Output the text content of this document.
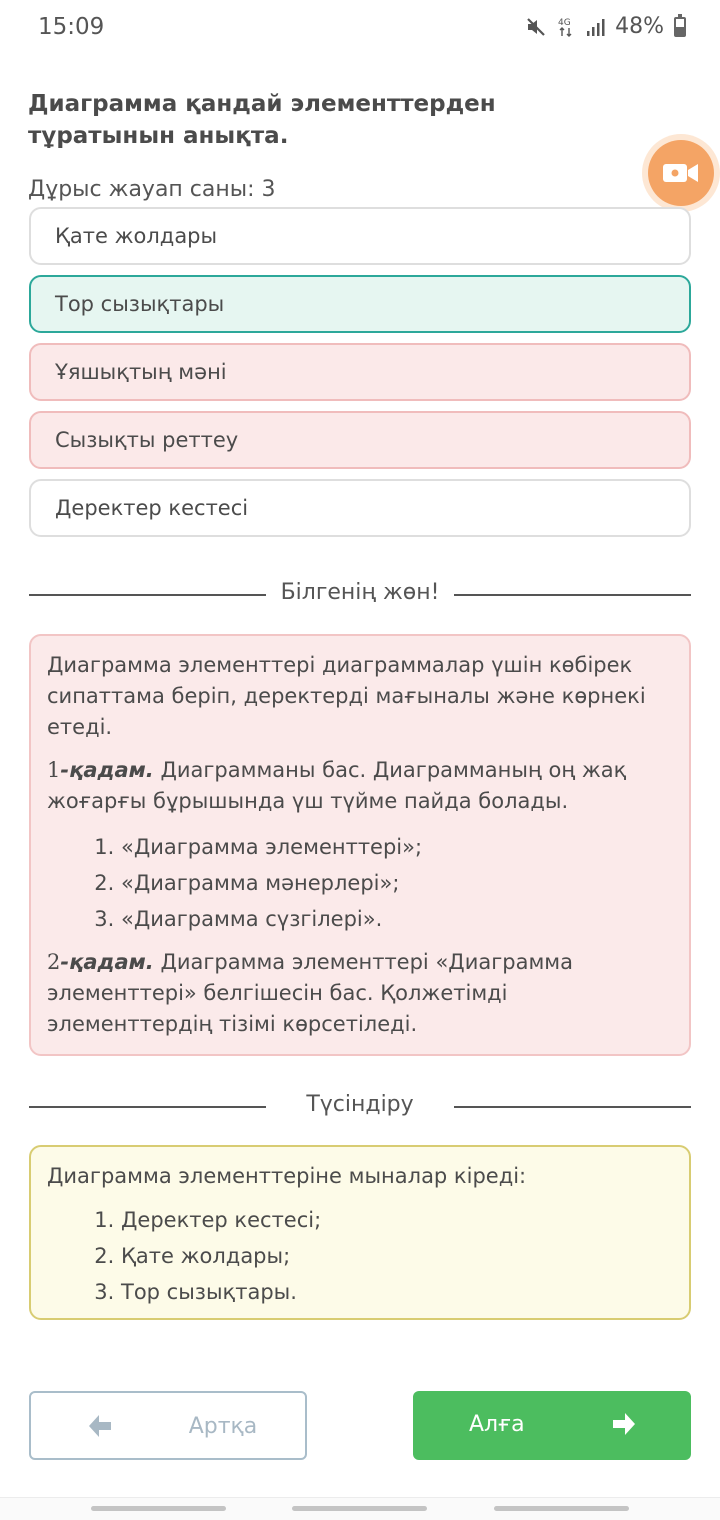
15:09	4G 48%
Диаграмма қандай элементтерден тұратынын анықта.
Дұрыс жауап саны: 3
Қате жолдары
Тор сызықтары
Ұяшықтың мәні
Сызықты реттеу
Деректер кестесі
Білгенің жөн!

Диаграмма элементтері диаграммалар үшін көбірек сипаттама беріп, деректерді мағыналы және көрнекі етеді.

1-қадам. Диаграмманы бас. Диаграмманың оң жақ жоғарғы бұрышында үш түйме пайда болады.

1. «Диаграмма элементтері»;
2. «Диаграмма мәнерлері»;
3. «Диаграмма сүзгілері».

2-қадам. Диаграмма элементтері «Диаграмма элементтері» белгішесін бас. Қолжетімді элементтердің тізімі көрсетіледі.

Түсіндіру
Диаграмма элементтеріне мыналар кіреді:
1. Деректер кестесі;
2. Қате жолдары;
3. Тор сызықтары.
Артқа	Алға
